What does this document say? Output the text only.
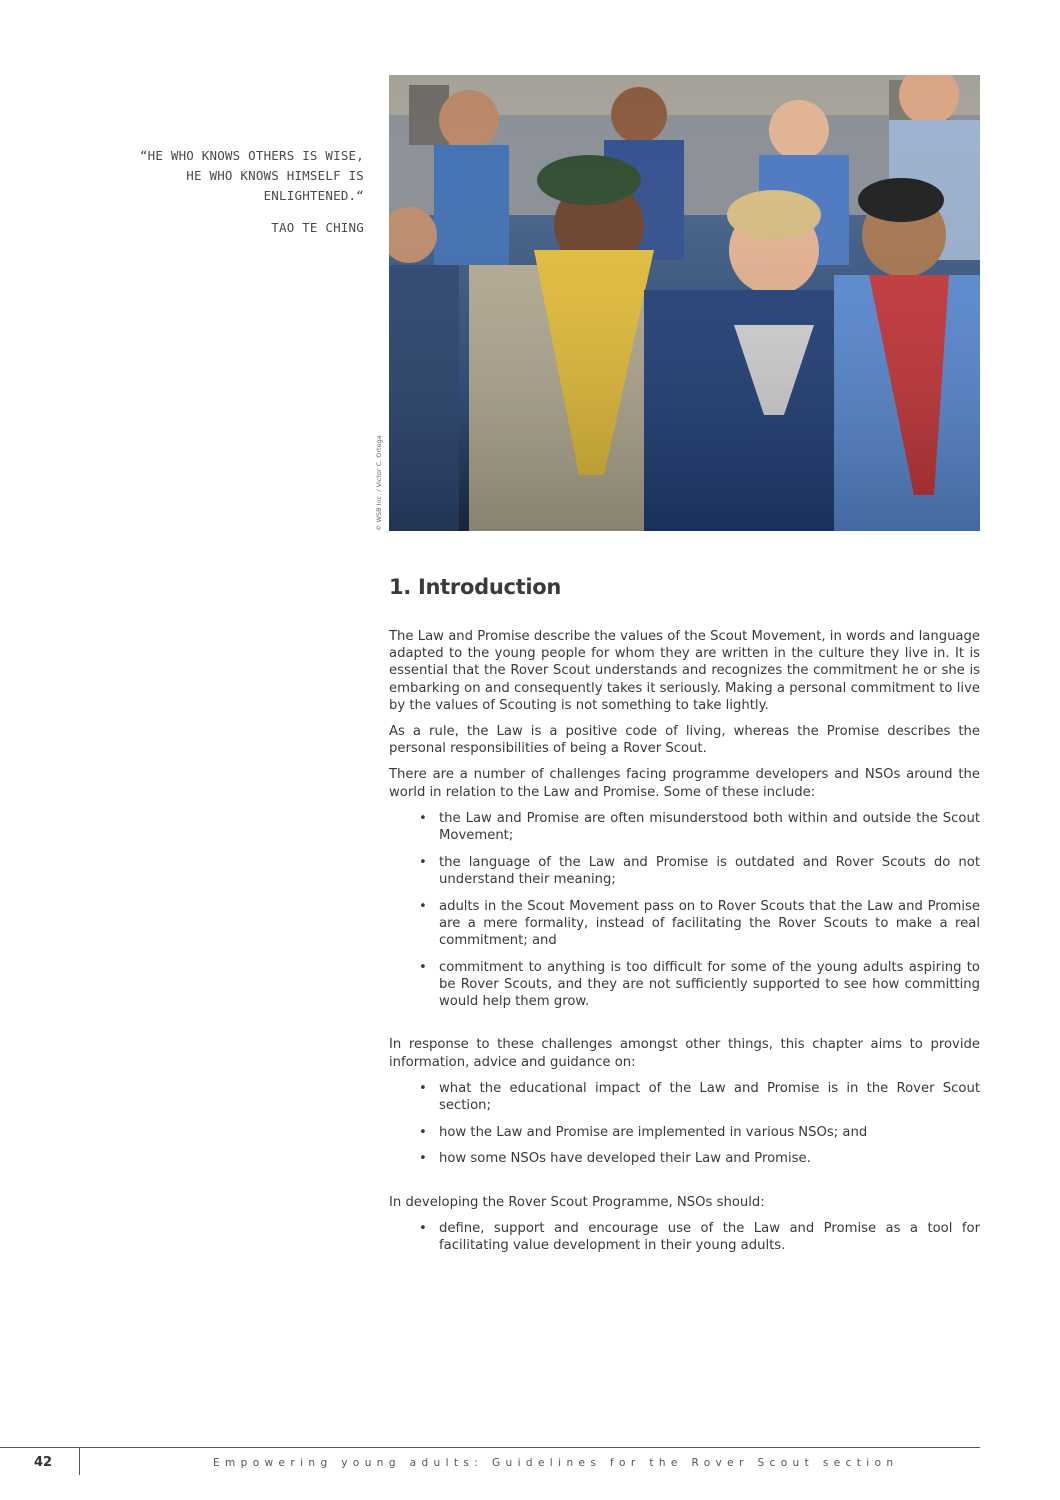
“HE WHO KNOWS OTHERS IS WISE,
HE WHO KNOWS HIMSELF IS
ENLIGHTENED.“
TAO TE CHING
© WSB Inc. / Victor C. Ortega
1. Introduction

The Law and Promise describe the values of the Scout Movement, in words and language adapted to the young people for whom they are written in the culture they live in. It is essential that the Rover Scout understands and recognizes the commitment he or she is embarking on and consequently takes it seriously. Making a personal commitment to live by the values of Scouting is not something to take lightly.

As a rule, the Law is a positive code of living, whereas the Promise describes the personal responsibilities of being a Rover Scout.

There are a number of challenges facing programme developers and NSOs around the world in relation to the Law and Promise. Some of these include:

• the Law and Promise are often misunderstood both within and outside the Scout Movement;
• the language of the Law and Promise is outdated and Rover Scouts do not understand their meaning;
• adults in the Scout Movement pass on to Rover Scouts that the Law and Promise are a mere formality, instead of facilitating the Rover Scouts to make a real commitment; and
• commitment to anything is too difficult for some of the young adults aspiring to be Rover Scouts, and they are not sufficiently supported to see how committing would help them grow.

In response to these challenges amongst other things, this chapter aims to provide information, advice and guidance on:

• what the educational impact of the Law and Promise is in the Rover Scout section;
• how the Law and Promise are implemented in various NSOs; and
• how some NSOs have developed their Law and Promise.

In developing the Rover Scout Programme, NSOs should:

• define, support and encourage use of the Law and Promise as a tool for facilitating value development in their young adults.
42	Empowering young adults: Guidelines for the Rover Scout section
